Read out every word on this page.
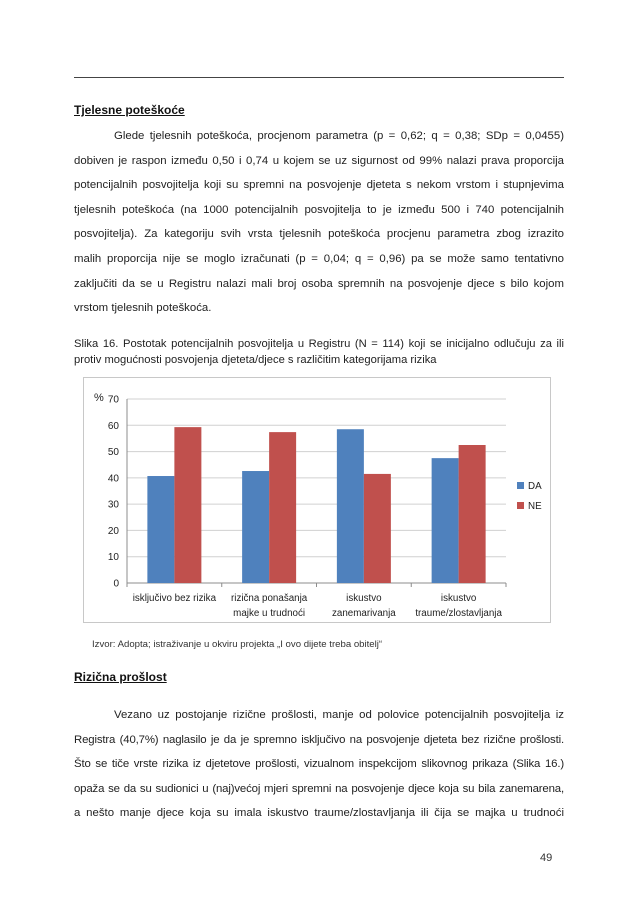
Tjelesne poteškoće
Glede tjelesnih poteškoća, procjenom parametra (p = 0,62; q = 0,38; SDp = 0,0455)
dobiven je raspon između 0,50 i 0,74 u kojem se uz sigurnost od 99% nalazi prava proporcija
potencijalnih posvojitelja koji su spremni na posvojenje djeteta s nekom vrstom i stupnjevima
tjelesnih poteškoća (na 1000 potencijalnih posvojitelja to je između 500 i 740 potencijalnih
posvojitelja). Za kategoriju svih vrsta tjelesnih poteškoća procjenu parametra zbog izrazito
malih proporcija nije se moglo izračunati (p = 0,04; q = 0,96) pa se može samo tentativno
zaključiti da se u Registru nalazi mali broj osoba spremnih na posvojenje djece s bilo kojom
vrstom tjelesnih poteškoća.
Slika 16. Postotak potencijalnih posvojitelja u Registru (N = 114) koji se inicijalno odlučuju za ili
protiv mogućnosti posvojenja djeteta/djece s različitim kategorijama rizika
0
10
20
30
40
50
60
70
%
isključivo bez rizika rizična ponašanja
majke u trudnoći
iskustvo
zanemarivanja
iskustvo
traume/zlostavljanja
DA
NE
Izvor: Adopta; istraživanje u okviru projekta „I ovo dijete treba obitelj“
Rizična prošlost
Vezano uz postojanje rizične prošlosti, manje od polovice potencijalnih posvojitelja iz
Registra (40,7%) naglasilo je da je spremno isključivo na posvojenje djeteta bez rizične prošlosti.
Što se tiče vrste rizika iz djetetove prošlosti, vizualnom inspekcijom slikovnog prikaza (Slika 16.)
opaža se da su sudionici u (naj)većoj mjeri spremni na posvojenje djece koja su bila zanemarena,
a nešto manje djece koja su imala iskustvo traume/zlostavljanja ili čija se majka u trudnoći
49
